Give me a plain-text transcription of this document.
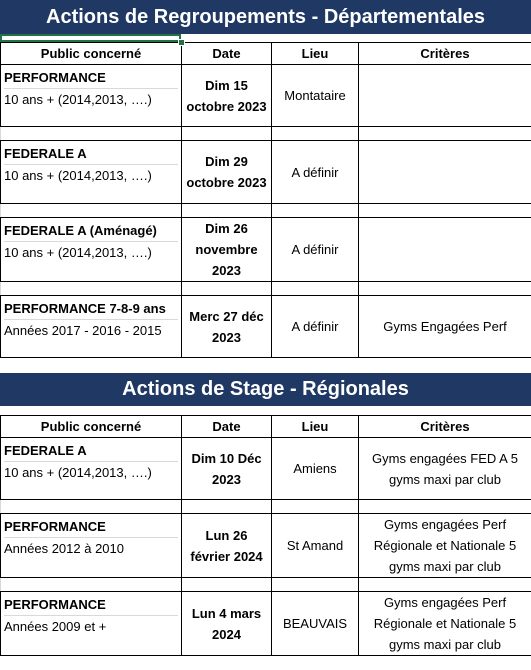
Actions de Regroupements - Départementales
Public concerné	Date	Lieu	Critères

PERFORMANCE
10 ans + (2014,2013, ….)	Dim 15 octobre 2023	Montataire	

FEDERALE A
10 ans + (2014,2013, ….)	Dim 29 octobre 2023	A définir	

FEDERALE A (Aménagé)
10 ans + (2014,2013, ….)	Dim 26 novembre 2023	A définir	

PERFORMANCE 7-8-9 ans
Années 2017 - 2016 - 2015	Merc 27 déc 2023	A définir	Gyms Engagées Perf
Actions de Stage - Régionales
Public concerné	Date	Lieu	Critères

FEDERALE A
10 ans + (2014,2013, ….)	Dim 10 Déc 2023	Amiens	Gyms engagées FED A 5 gyms maxi par club

PERFORMANCE
Années 2012 à 2010	Lun 26 février 2024	St Amand	Gyms engagées Perf Régionale et Nationale 5 gyms maxi par club

PERFORMANCE
Années 2009 et +	Lun 4 mars 2024	BEAUVAIS	Gyms engagées Perf Régionale et Nationale 5 gyms maxi par club
